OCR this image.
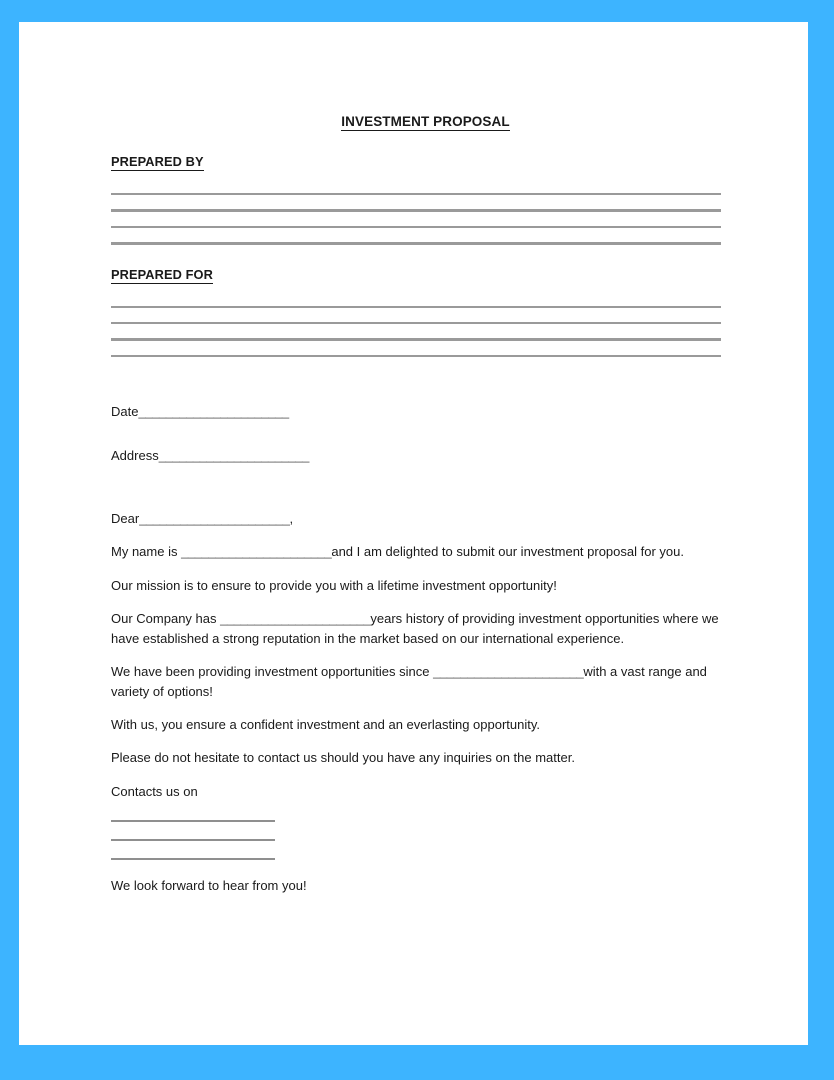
INVESTMENT PROPOSAL
PREPARED BY
PREPARED FOR

Date______________________

Address______________________

Dear______________________,

My name is ______________________and I am delighted to submit our investment proposal for you.

Our mission is to ensure to provide you with a lifetime investment opportunity!

Our Company has ______________________years history of providing investment opportunities where we have established a strong reputation in the market based on our international experience.

We have been providing investment opportunities since ______________________with a vast range and variety of options!

With us, you ensure a confident investment and an everlasting opportunity.

Please do not hesitate to contact us should you have any inquiries on the matter.

Contacts us on

We look forward to hear from you!
